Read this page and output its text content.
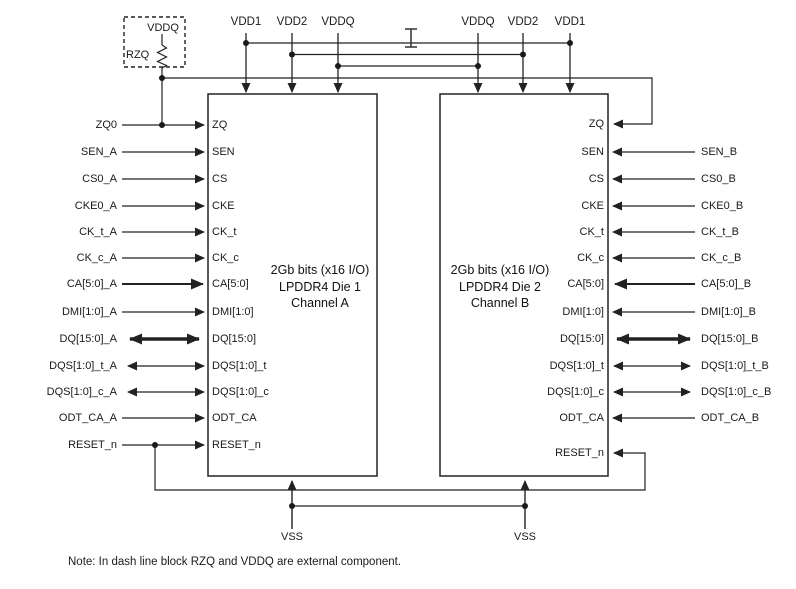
VDD1 VDD2 VDDQ	VDDQ VDD2 VDD1
VDDQ
RZQ
ZQ0
SEN_A
CS0_A
CKE0_A
CK_t_A
CK_c_A
CA[5:0]_A
DMI[1:0]_A
DQ[15:0]_A
DQS[1:0]_t_A
DQS[1:0]_c_A
ODT_CA_A
RESET_n
ZQ
SEN
CS
CKE
CK_t
CK_c
CA[5:0]
DMI[1:0]
DQ[15:0]
DQS[1:0]_t
DQS[1:0]_c
ODT_CA
RESET_n
2Gb bits (x16 I/O)
LPDDR4 Die 1
Channel A
2Gb bits (x16 I/O)
LPDDR4 Die 2
Channel B
ZQ
SEN
CS
CKE
CK_t
CK_c
CA[5:0]
DMI[1:0]
DQ[15:0]
DQS[1:0]_t
DQS[1:0]_c
ODT_CA
RESET_n
SEN_B
CS0_B
CKE0_B
CK_t_B
CK_c_B
CA[5:0]_B
DMI[1:0]_B
DQ[15:0]_B
DQS[1:0]_t_B
DQS[1:0]_c_B
ODT_CA_B
VSS	VSS
Note: In dash line block RZQ and VDDQ are external component.
